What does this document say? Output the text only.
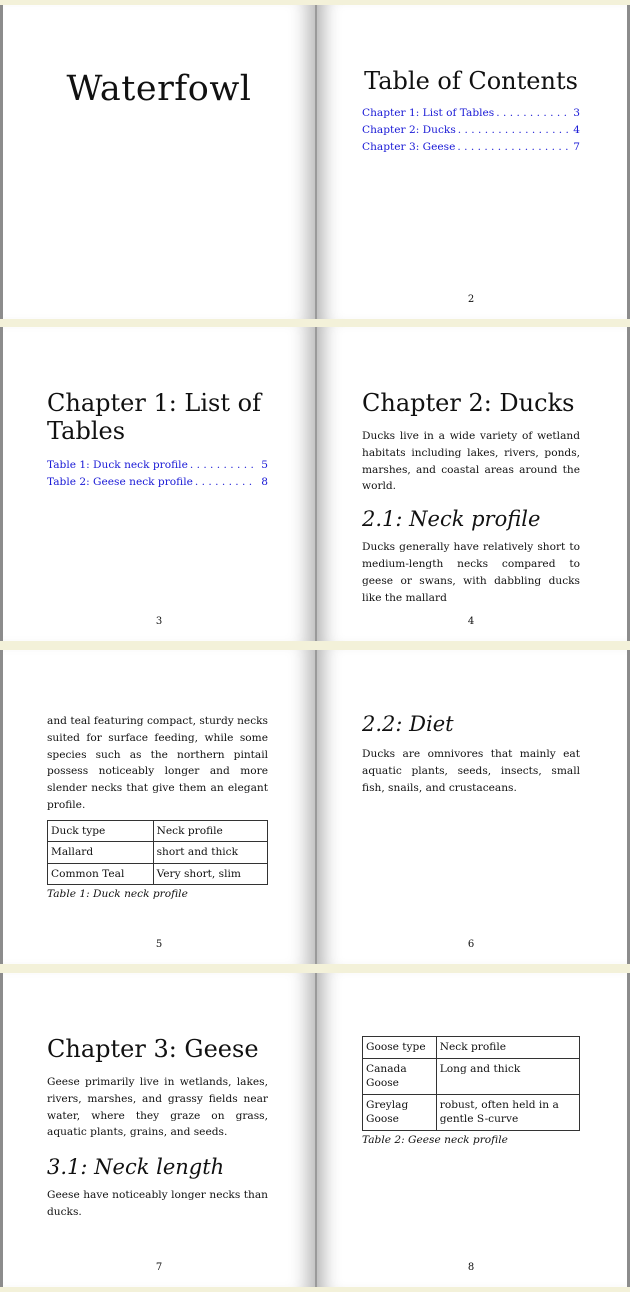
Waterfowl	Table of Contents
Chapter 1: List of Tables . . .	3
Chapter 2: Ducks . . .	4
Chapter 3: Geese . . .	7
2
Chapter 1: List of Tables
Table 1: Duck neck profile . . .	5
Table 2: Geese neck profile . . .	8
3
Chapter 2: Ducks

Ducks live in a wide variety of wetland habitats including lakes, rivers, ponds, marshes, and coastal areas around the world.

2.1: Neck profile

Ducks generally have relatively short to medium-length necks compared to geese or swans, with dabbling ducks like the mallard

4

and teal featuring compact, sturdy necks suited for surface feeding, while some species such as the northern pintail possess noticeably longer and more slender necks that give them an elegant profile.

Duck type	Neck profile
Mallard	short and thick
Common Teal	Very short, slim
Table 1: Duck neck profile
5
2.2: Diet

Ducks are omnivores that mainly eat aquatic plants, seeds, insects, small fish, snails, and crustaceans.

6
Chapter 3: Geese

Geese primarily live in wetlands, lakes, rivers, marshes, and grassy fields near water, where they graze on grass, aquatic plants, grains, and seeds.

3.1: Neck length

Geese have noticeably longer necks than ducks.

7
Goose type	Neck profile
Canada Goose	Long and thick
Greylag Goose	robust, often held in a gentle S-curve
Table 2: Geese neck profile
8
